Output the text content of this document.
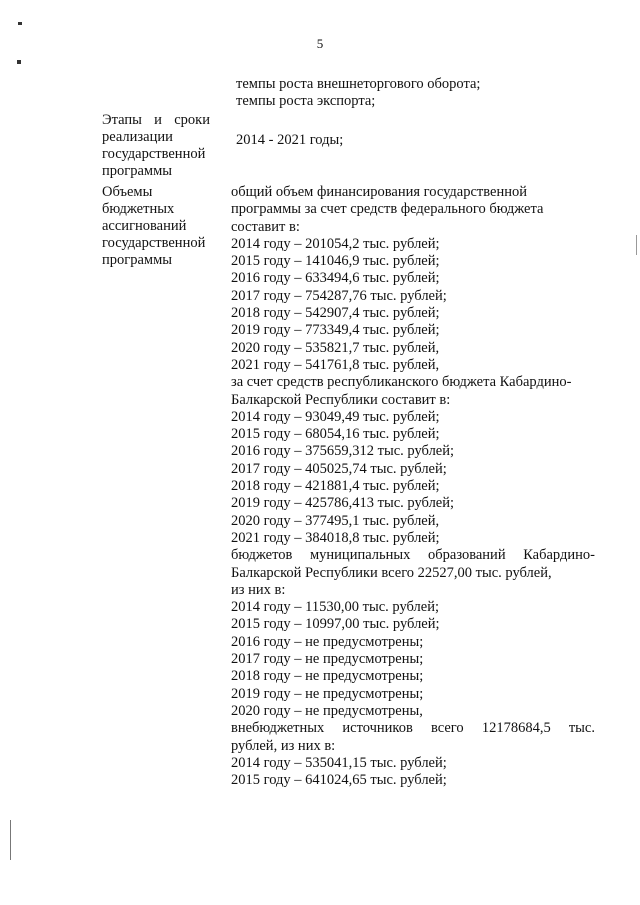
5
темпы роста внешнеторгового оборота;
темпы роста экспорта;
Этапы и сроки
реализации
государственной
программы
2014 - 2021 годы;
Объемы
бюджетных
ассигнований
государственной
программы
общий объем финансирования государственной
программы за счет средств федерального бюджета
составит в:
2014 году – 201054,2 тыс. рублей;
2015 году – 141046,9 тыс. рублей;
2016 году – 633494,6 тыс. рублей;
2017 году – 754287,76 тыс. рублей;
2018 году – 542907,4 тыс. рублей;
2019 году – 773349,4 тыс. рублей;
2020 году – 535821,7 тыс. рублей,
2021 году – 541761,8 тыс. рублей,
за счет средств республиканского бюджета Кабардино-
Балкарской Республики составит в:
2014 году – 93049,49 тыс. рублей;
2015 году – 68054,16 тыс. рублей;
2016 году – 375659,312 тыс. рублей;
2017 году – 405025,74 тыс. рублей;
2018 году – 421881,4 тыс. рублей;
2019 году – 425786,413 тыс. рублей;
2020 году – 377495,1 тыс. рублей,
2021 году – 384018,8 тыс. рублей;
бюджетов муниципальных образований Кабардино-
Балкарской Республики всего 22527,00 тыс. рублей,
из них в:
2014 году – 11530,00 тыс. рублей;
2015 году – 10997,00 тыс. рублей;
2016 году – не предусмотрены;
2017 году – не предусмотрены;
2018 году – не предусмотрены;
2019 году – не предусмотрены;
2020 году – не предусмотрены,
внебюджетных источников всего 12178684,5 тыс.
рублей, из них в:
2014 году – 535041,15 тыс. рублей;
2015 году – 641024,65 тыс. рублей;
